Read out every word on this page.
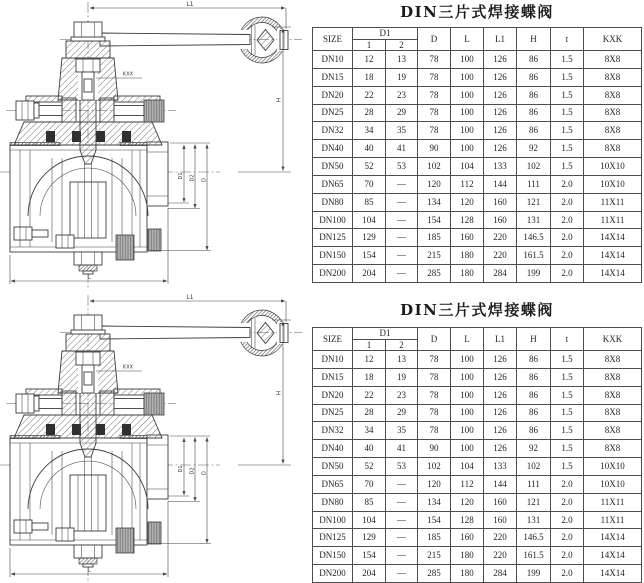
DIN三片式焊接蝶阀
SIZE	D1		D	L	L1	H	t	KXK
	1	2						
DN10	12	13	78	100	126	86	1.5	8X8
DN15	18	19	78	100	126	86	1.5	8X8
DN20	22	23	78	100	126	86	1.5	8X8
DN25	28	29	78	100	126	86	1.5	8X8
DN32	34	35	78	100	126	86	1.5	8X8
DN40	40	41	90	100	126	92	1.5	8X8
DN50	52	53	102	104	133	102	1.5	10X10
DN65	70	—	120	112	144	111	2.0	10X10
DN80	85	—	134	120	160	121	2.0	11X11
DN100	104	—	154	128	160	131	2.0	11X11
DN125	129	—	185	160	220	146.5	2.0	14X14
DN150	154	—	215	180	220	161.5	2.0	14X14
DN200	204	—	285	180	284	199	2.0	14X14
DIN三片式焊接蝶阀
SIZE	D1		D	L	L1	H	t	KXK
	1	2						
DN10	12	13	78	100	126	86	1.5	8X8
DN15	18	19	78	100	126	86	1.5	8X8
DN20	22	23	78	100	126	86	1.5	8X8
DN25	28	29	78	100	126	86	1.5	8X8
DN32	34	35	78	100	126	86	1.5	8X8
DN40	40	41	90	100	126	92	1.5	8X8
DN50	52	53	102	104	133	102	1.5	10X10
DN65	70	—	120	112	144	111	2.0	10X10
DN80	85	—	134	120	160	121	2.0	11X11
DN100	104	—	154	128	160	131	2.0	11X11
DN125	129	—	185	160	220	146.5	2.0	14X14
DN150	154	—	215	180	220	161.5	2.0	14X14
DN200	204	—	285	180	284	199	2.0	14X14
